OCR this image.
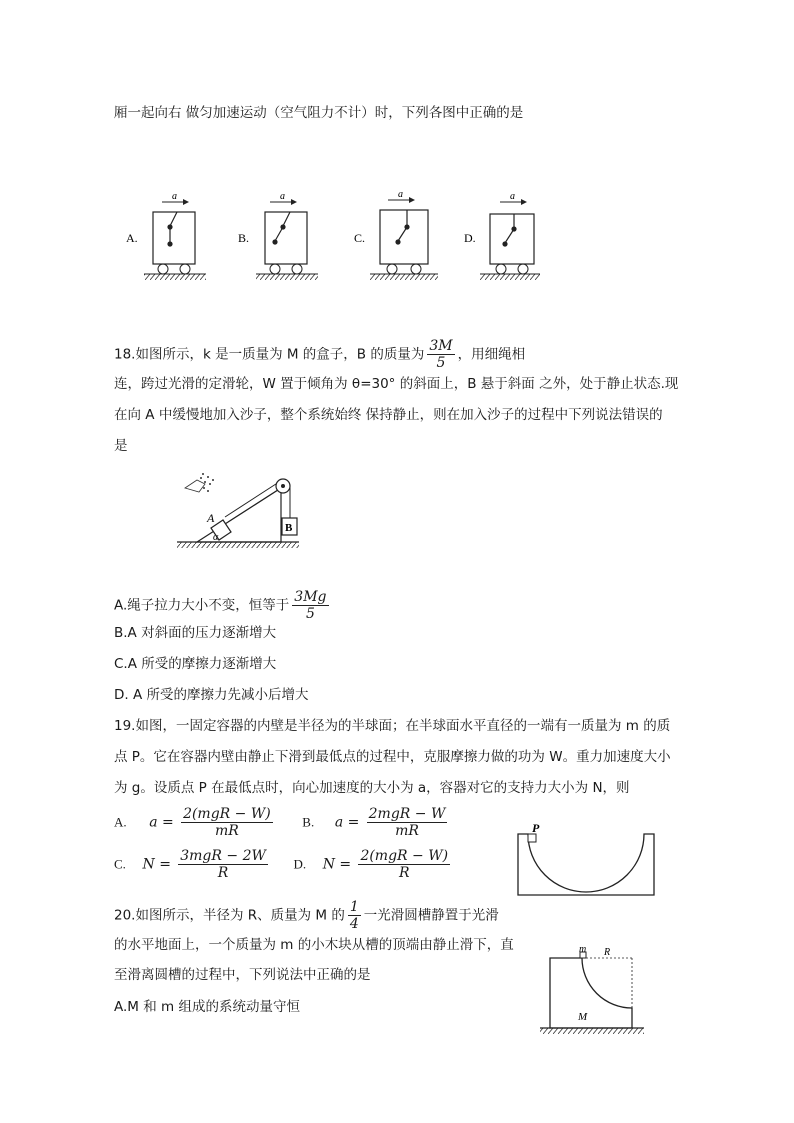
厢一起向右 做匀加速运动（空气阻力不计）时，下列各图中正确的是
A.
a
B.
a
C.
a
D.
a
18.如图所示，k 是一质量为 M 的盒子，B 的质量为 $\frac{3M}{5}$ ，用细绳相
连，跨过光滑的定滑轮，W 置于倾角为 θ=30° 的斜面上，B 悬于斜面 之外，处于静止状态.现
在向 A 中缓慢地加入沙子，整个系统始终 保持静止，则在加入沙子的过程中下列说法错误的
是
A
B
α
A.绳子拉力大小不变，恒等于 $\frac{3Mg}{5}$
B.A 对斜面的压力逐渐增大
C.A 所受的摩擦力逐渐增大
D. A 所受的摩擦力先减小后增大
19.如图，一固定容器的内壁是半径为的半球面；在半球面水平直径的一端有一质量为 m 的质
点 P。它在容器内壁由静止下滑到最低点的过程中，克服摩擦力做的功为 W。重力加速度大小
为 g。设质点 P 在最低点时，向心加速度的大小为 a，容器对它的支持力大小为 N，则
A. $a = \frac{\text{2(mgR − W)}}{mR} B$. $a = \frac{\text{2mgR − W}}{mR}$
C. $N = \frac{\text{3mgR − 2W}}{R} D$. $N = \frac{\text{2(mgR − W)}}{R}$
P
20.如图所示，半径为 R、质量为 M 的 $\frac{1}{4}$ 一光滑圆槽静置于光滑
的水平地面上，一个质量为 m 的小木块从槽的顶端由静止滑下，直
至滑离圆槽的过程中，下列说法中正确的是
A.M 和 m 组成的系统动量守恒
m R
M
